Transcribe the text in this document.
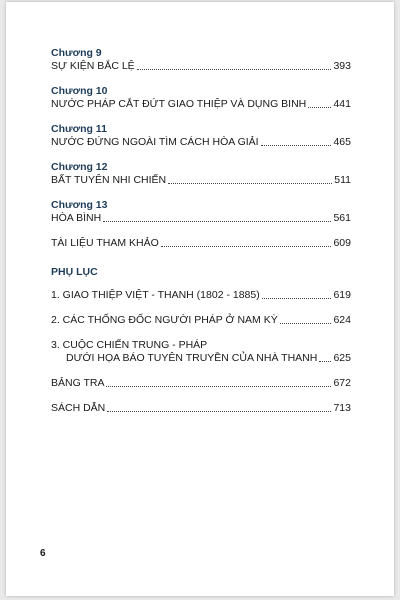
Chương 9
SỰ KIỆN BẮC LỆ	393
Chương 10
NƯỚC PHÁP CẮT ĐỨT GIAO THIỆP VÀ DỤNG BINH	441
Chương 11
NƯỚC ĐỨNG NGOÀI TÌM CÁCH HÒA GIẢI	465
Chương 12
BẤT TUYÊN NHI CHIẾN	511
Chương 13
HÒA BÌNH	561
TÀI LIỆU THAM KHẢO	609
PHỤ LỤC
1. GIAO THIỆP VIỆT - THANH (1802 - 1885)	619
2. CÁC THỐNG ĐỐC NGƯỜI PHÁP Ở NAM KỲ	624
3. CUỘC CHIẾN TRUNG - PHÁP
DƯỚI HỌA BÁO TUYÊN TRUYỀN CỦA NHÀ THANH 625
BẢNG TRA	672
SÁCH DẪN	713
6
